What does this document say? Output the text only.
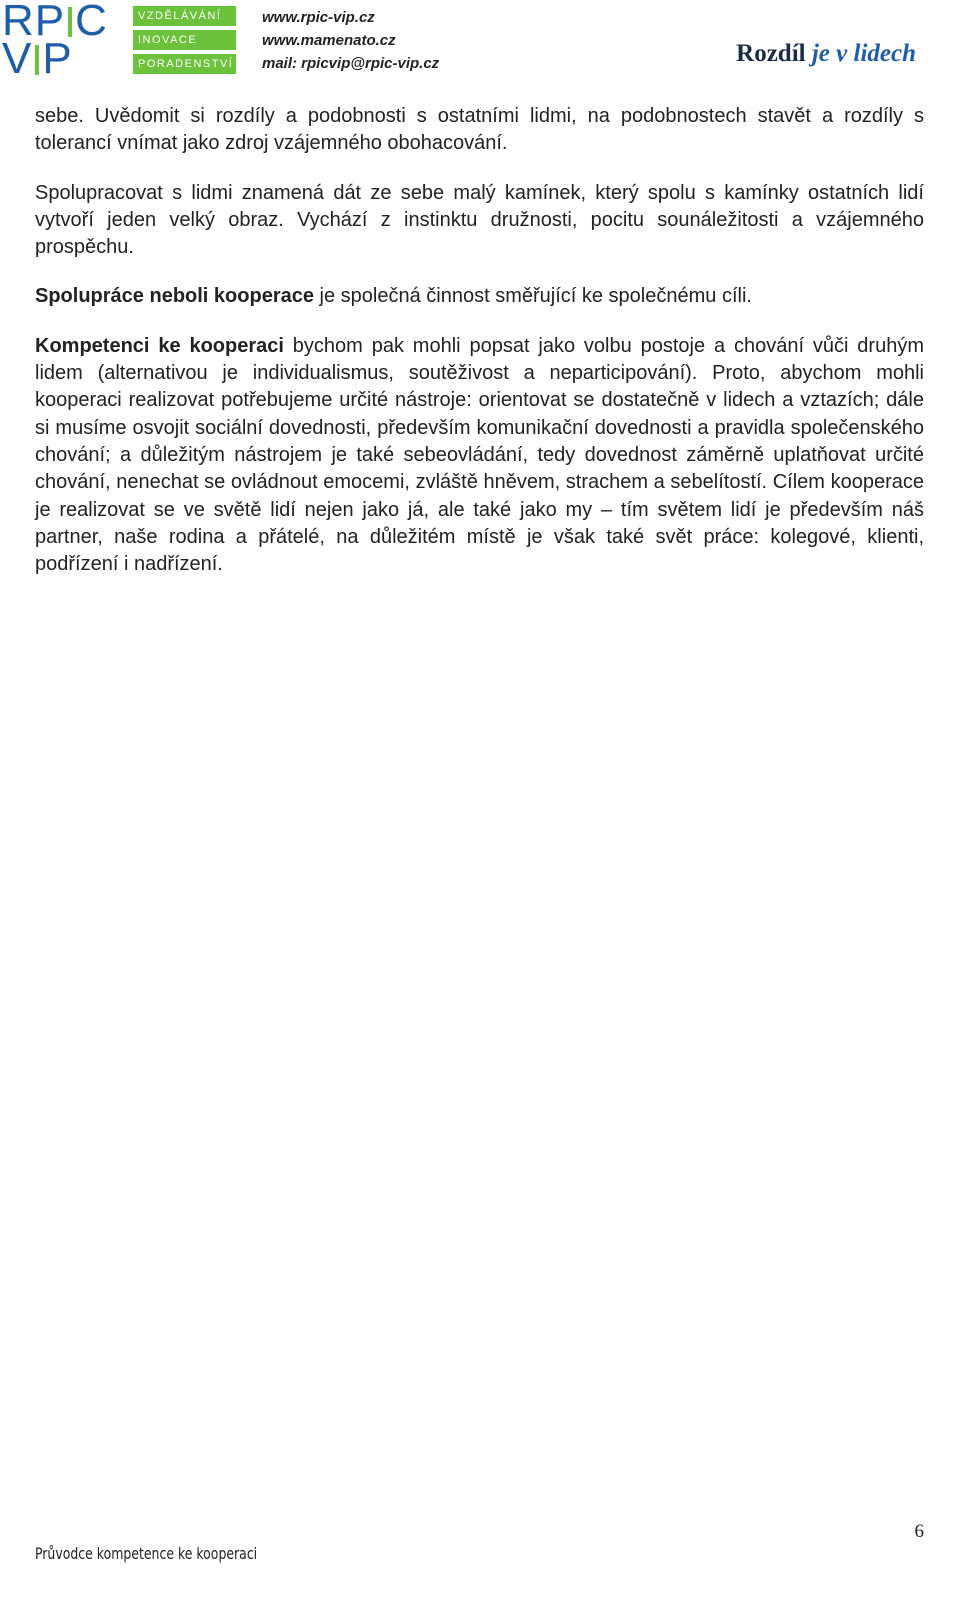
RP C
V P
VZDĚLÁVÁNÍ
INOVACE
PORADENSTVÍ
www.rpic-vip.cz
www.mamenato.cz
mail: rpicvip@rpic-vip.cz	Rozdíl je v lidech

sebe. Uvědomit si rozdíly a podobnosti s ostatními lidmi, na podobnostech stavět a rozdíly s tolerancí vnímat jako zdroj vzájemného obohacování.

Spolupracovat s lidmi znamená dát ze sebe malý kamínek, který spolu s kamínky ostatních lidí vytvoří jeden velký obraz. Vychází z instinktu družnosti, pocitu sounáležitosti a vzájemného prospěchu.

Spolupráce neboli kooperace je společná činnost směřující ke společnému cíli.

Kompetenci ke kooperaci bychom pak mohli popsat jako volbu postoje a chování vůči druhým lidem (alternativou je individualismus, soutěživost a neparticipování). Proto, abychom mohli kooperaci realizovat potřebujeme určité nástroje: orientovat se dostatečně v lidech a vztazích; dále si musíme osvojit sociální dovednosti, především komunikační dovednosti a pravidla společenského chování; a důležitým nástrojem je také sebeovládání, tedy dovednost záměrně uplatňovat určité chování, nenechat se ovládnout emocemi, zvláště hněvem, strachem a sebelítostí. Cílem kooperace je realizovat se ve světě lidí nejen jako já, ale také jako my – tím světem lidí je především náš partner, naše rodina a přátelé, na důležitém místě je však také svět práce: kolegové, klienti, podřízení i nadřízení.

6
Průvodce kompetence ke kooperaci
